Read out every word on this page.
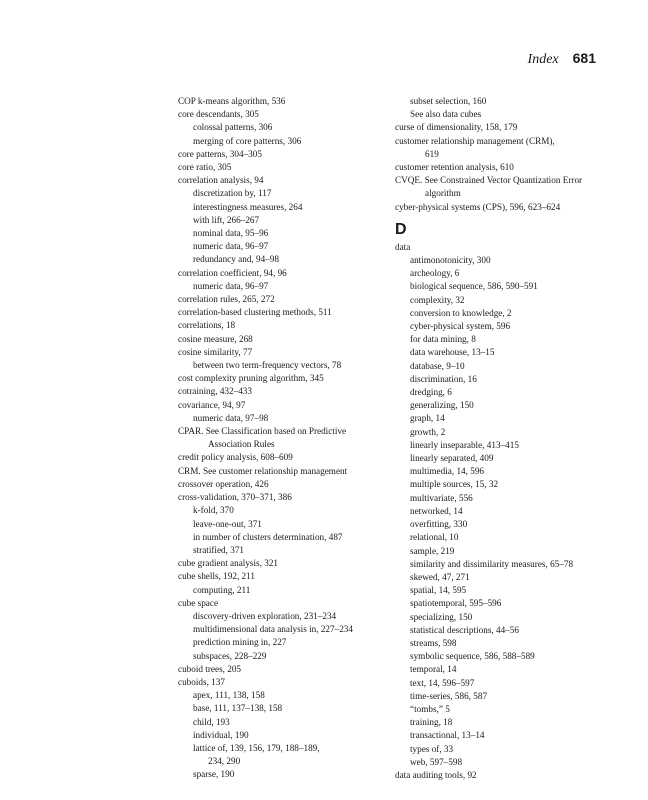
Index 681
COP k-means algorithm, 536
core descendants, 305
colossal patterns, 306
merging of core patterns, 306
core patterns, 304–305
core ratio, 305
correlation analysis, 94
discretization by, 117
interestingness measures, 264
with lift, 266–267
nominal data, 95–96
numeric data, 96–97
redundancy and, 94–98
correlation coefficient, 94, 96
numeric data, 96–97
correlation rules, 265, 272
correlation-based clustering methods, 511
correlations, 18
cosine measure, 268
cosine similarity, 77
between two term-frequency vectors, 78
cost complexity pruning algorithm, 345
cotraining, 432–433
covariance, 94, 97
numeric data, 97–98
CPAR. See Classification based on Predictive
Association Rules
credit policy analysis, 608–609
CRM. See customer relationship management
crossover operation, 426
cross-validation, 370–371, 386
k-fold, 370
leave-one-out, 371
in number of clusters determination, 487
stratified, 371
cube gradient analysis, 321
cube shells, 192, 211
computing, 211
cube space
discovery-driven exploration, 231–234
multidimensional data analysis in, 227–234
prediction mining in, 227
subspaces, 228–229
cuboid trees, 205
cuboids, 137
apex, 111, 138, 158
base, 111, 137–138, 158
child, 193
individual, 190
lattice of, 139, 156, 179, 188–189,
234, 290
sparse, 190
subset selection, 160
See also data cubes
curse of dimensionality, 158, 179
customer relationship management (CRM),
619
customer retention analysis, 610
CVQE. See Constrained Vector Quantization Error
algorithm
cyber-physical systems (CPS), 596, 623–624
D
data
antimonotonicity, 300
archeology, 6
biological sequence, 586, 590–591
complexity, 32
conversion to knowledge, 2
cyber-physical system, 596
for data mining, 8
data warehouse, 13–15
database, 9–10
discrimination, 16
dredging, 6
generalizing, 150
graph, 14
growth, 2
linearly inseparable, 413–415
linearly separated, 409
multimedia, 14, 596
multiple sources, 15, 32
multivariate, 556
networked, 14
overfitting, 330
relational, 10
sample, 219
similarity and dissimilarity measures, 65–78
skewed, 47, 271
spatial, 14, 595
spatiotemporal, 595–596
specializing, 150
statistical descriptions, 44–56
streams, 598
symbolic sequence, 586, 588–589
temporal, 14
text, 14, 596–597
time-series, 586, 587
“tombs,” 5
training, 18
transactional, 13–14
types of, 33
web, 597–598
data auditing tools, 92
